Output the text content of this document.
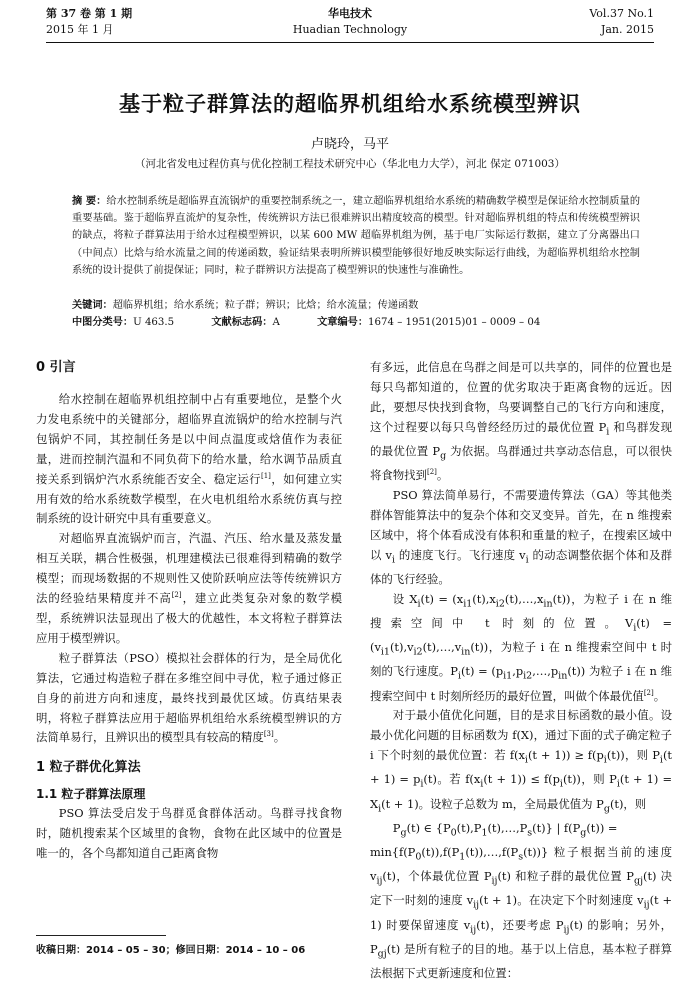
第 37 卷 第 1 期
2015 年 1 月
华电技术
Huadian Technology
Vol.37 No.1
Jan. 2015
基于粒子群算法的超临界机组给水系统模型辨识
卢晓玲，马平
（河北省发电过程仿真与优化控制工程技术研究中心（华北电力大学），河北 保定 071003）
摘 要：给水控制系统是超临界直流锅炉的重要控制系统之一，建立超临界机组给水系统的精确数学模型是保证给水控制质量的重要基础。鉴于超临界直流炉的复杂性，传统辨识方法已很难辨识出精度较高的模型。针对超临界机组的特点和传统模型辨识的缺点，将粒子群算法用于给水过程模型辨识，以某 600 MW 超临界机组为例，基于电厂实际运行数据，建立了分离器出口（中间点）比焓与给水流量之间的传递函数，验证结果表明所辨识模型能够很好地反映实际运行曲线，为超临界机组给水控制系统的设计提供了前提保证；同时，粒子群辨识方法提高了模型辨识的快速性与准确性。
关键词：超临界机组；给水系统；粒子群；辨识；比焓；给水流量；传递函数
中图分类号：U 463.5	文献标志码：A	文章编号：1674 – 1951(2015)01 – 0009 – 04
0 引言

给水控制在超临界机组控制中占有重要地位，是整个火力发电系统中的关键部分，超临界直流锅炉的给水控制与汽包锅炉不同，其控制任务是以中间点温度或焓值作为表征量，进而控制汽温和不同负荷下的给水量，给水调节品质直接关系到锅炉汽水系统能否安全、稳定运行[1]，如何建立实用有效的给水系统数学模型，在火电机组给水系统仿真与控制系统的设计研究中具有重要意义。

对超临界直流锅炉而言，汽温、汽压、给水量及蒸发量相互关联，耦合性极强，机理建模法已很难得到精确的数学模型；而现场数据的不规则性又使阶跃响应法等传统辨识方法的经验结果精度并不高[2]，建立此类复杂对象的数学模型，系统辨识法显现出了极大的优越性，本文将粒子群算法应用于模型辨识。

粒子群算法（PSO）模拟社会群体的行为，是全局优化算法，它通过构造粒子群在多维空间中寻优，粒子通过修正自身的前进方向和速度，最终找到最优区域。仿真结果表明，将粒子群算法应用于超临界机组给水系统模型辨识的方法简单易行，且辨识出的模型具有较高的精度[3]。

1 粒子群优化算法
1.1 粒子群算法原理

PSO 算法受启发于鸟群觅食群体活动。鸟群寻找食物时，随机搜索某个区域里的食物，食物在此区域中的位置是唯一的，各个鸟都知道自己距离食物

收稿日期：2014 – 05 – 30；修回日期：2014 – 10 – 06

有多远，此信息在鸟群之间是可以共享的，同伴的位置也是每只鸟都知道的，位置的优劣取决于距离食物的远近。因此，要想尽快找到食物，鸟要调整自己的飞行方向和速度，这个过程要以每只鸟曾经经历过的最优位置 $P_i$ 和鸟群发现的最优位置 $P_g$ 为依据。鸟群通过共享动态信息，可以很快将食物找到[2]。

PSO 算法简单易行，不需要遗传算法（GA）等其他类群体智能算法中的复杂个体和交叉变异。首先，在 n 维搜索区域中，将个体看成没有体积和重量的粒子，在搜索区域中以 $v_i$ 的速度飞行。飞行速度 $v_i$ 的动态调整依据个体和及群体的飞行经验。

设 $X_i(t)$ = $(x_{i1}(t),x_{i2}(t),\dots,x_{in}(t))$，为粒子 i 在 n 维搜索空间中 t 时刻的位置。$V_i(t)$ = $(v_{i1}(t),v_{i2}(t),\dots,v_{in}(t))$，为粒子 i 在 n 维搜索空间中 t 时刻的飞行速度。$P_i(t)$ = $(p_{i1},p_{i2},\dots,p_{in}(t))$ 为粒子 i 在 n 维搜索空间中 t 时刻所经历的最好位置，叫做个体最优值[2]。

对于最小值优化问题，目的是求目标函数的最小值。设最小优化问题的目标函数为 f(X)，通过下面的式子确定粒子 i 下个时刻的最优位置：若 $f(x_i(t + 1)) \ge f(p_i(t))$，则 $P_i(t + 1) = p_i(t)$。若 $f(x_i(t + 1)) \le f(p_i(t))$，则 $P_i(t + 1) = X_i(t + 1)$。设粒子总数为 m，全局最优值为 $P_g(t)$，则

$P_g(t)$ ∈ $\{P_0(t),P_1(t),\dots,P_s(t)\}$ | $f(P_g(t))$ =

$\min\{f(P_0(t)),f(P_1(t)),\dots,f(P_s(t))\}$ 粒子根据当前的速度 $v_{ij}(t)$，个体最优位置 $P_{ij}(t)$ 和粒子群的最优位置 $P_{gj}(t)$ 决定下一时刻的速度 $v_{ij}(t + 1)$。在决定下个时刻速度 $v_{ij}(t + 1)$ 时要保留速度 $v_{ij}(t)$，还要考虑 $P_{ij}(t)$ 的影响；另外，$P_{gj}(t)$ 是所有粒子的目的地。基于以上信息，基本粒子群算法根据下式更新速度和位置：
